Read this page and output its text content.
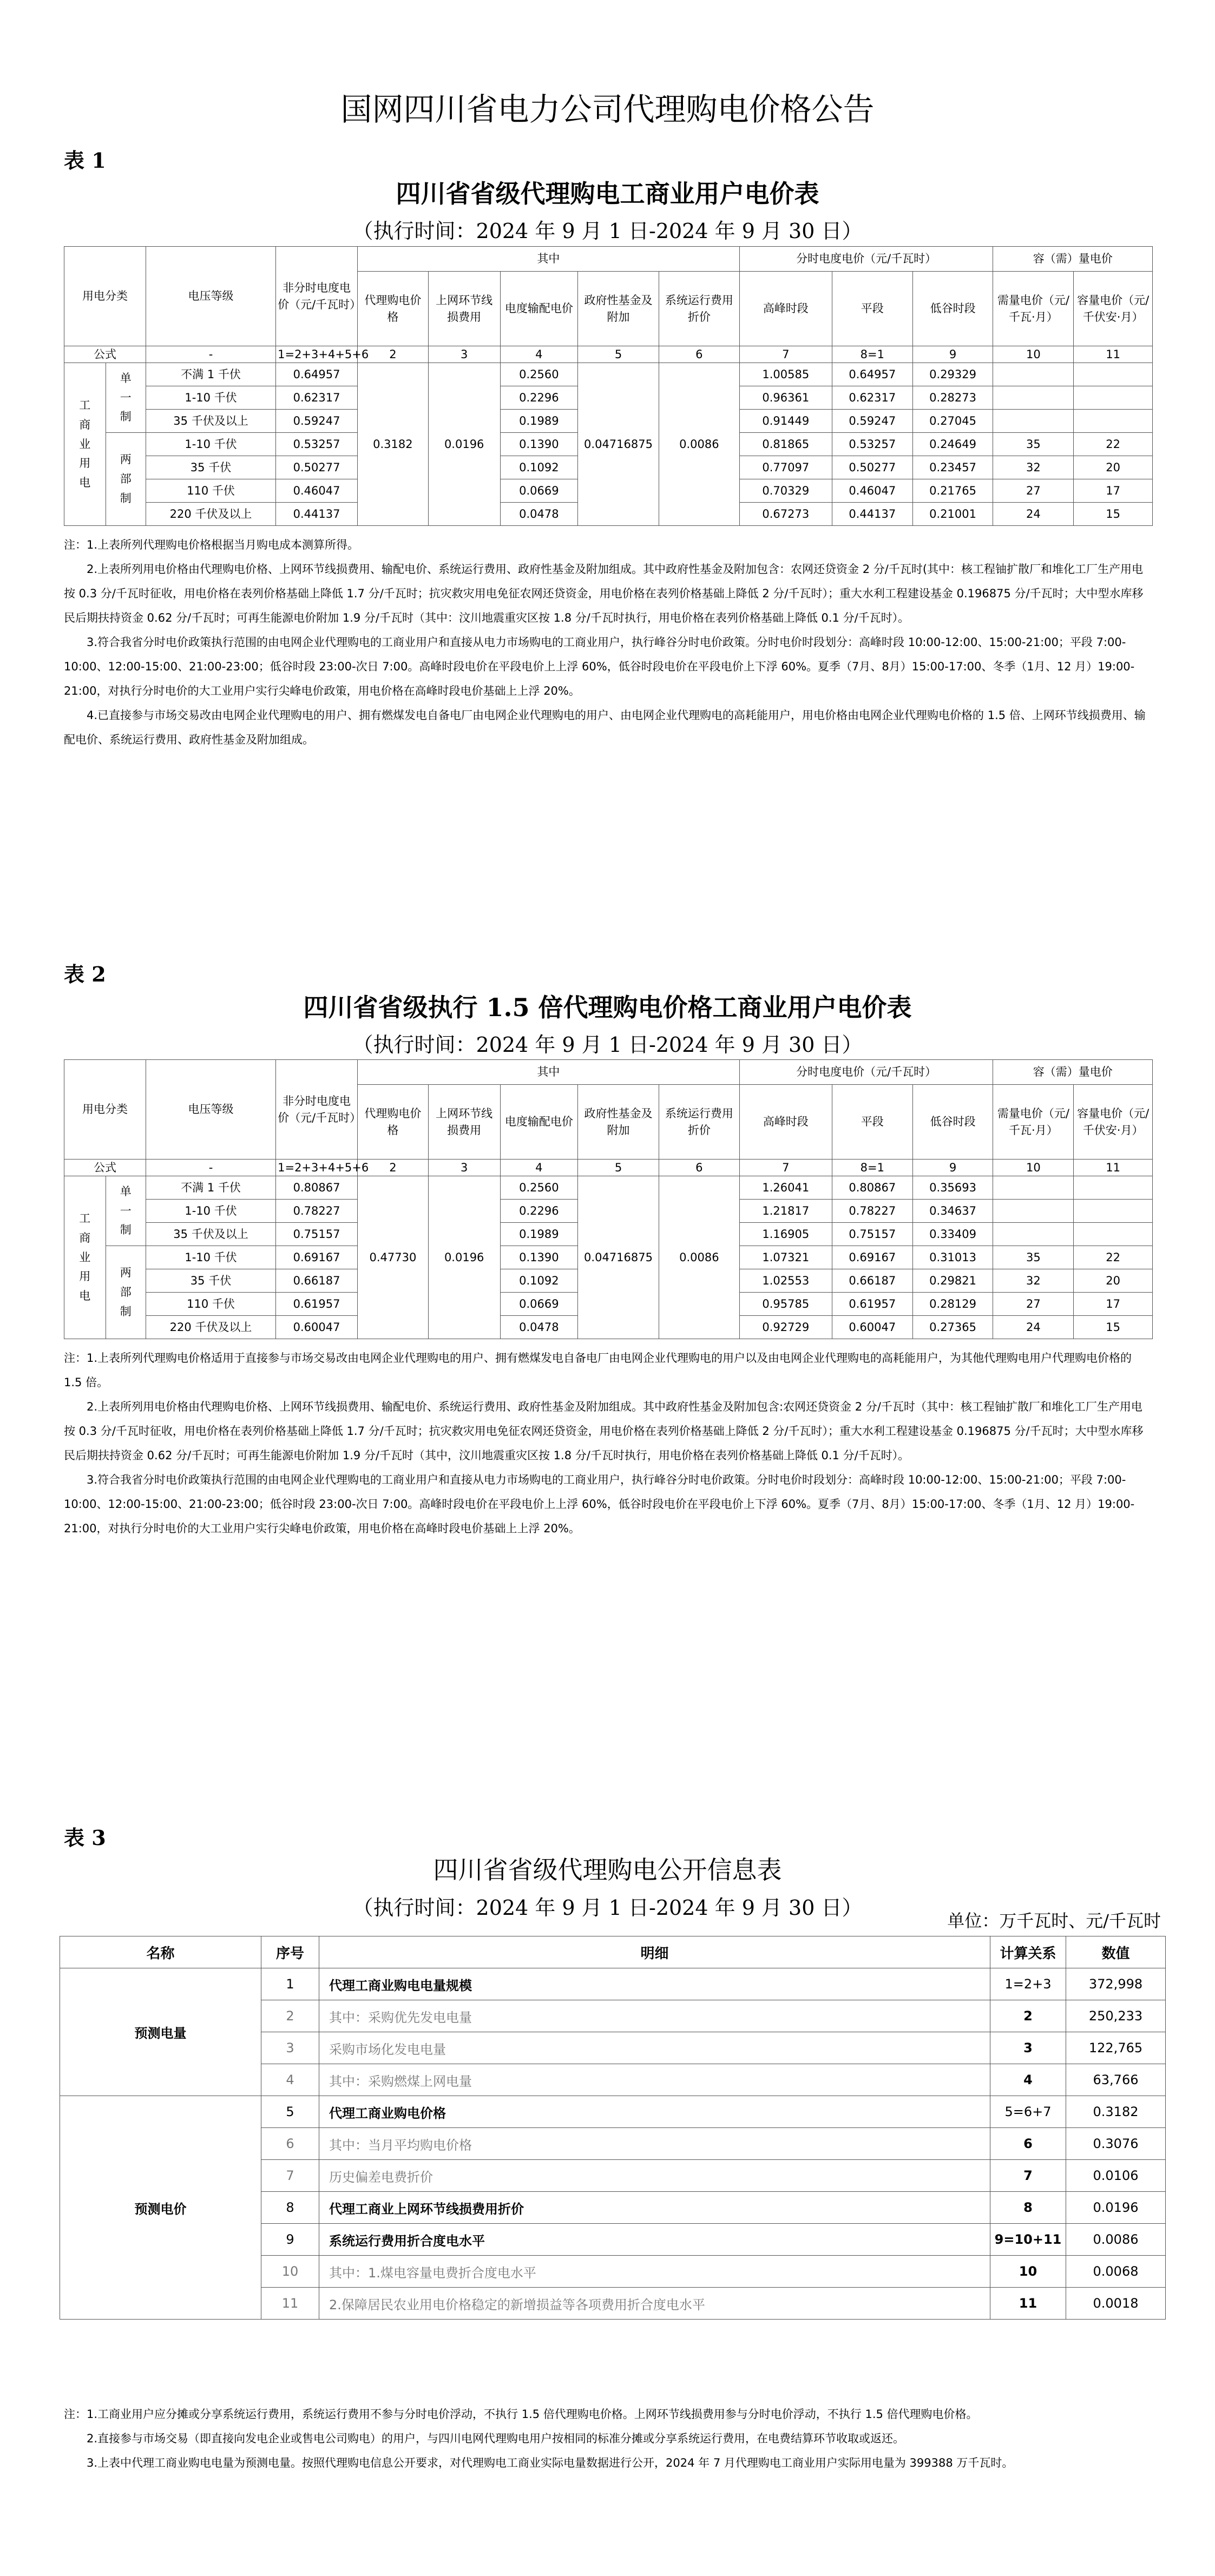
国网四川省电力公司代理购电价格公告
表 1
四川省省级代理购电工商业用户电价表
（执行时间：2024 年 9 月 1 日-2024 年 9 月 30 日）
用电分类		电压等级	非分时电度电价（元/千瓦时）	其中					分时电度电价（元/千瓦时）			容（需）量电价	
				代理购电价格	上网环节线损费用	电度输配电价	政府性基金及附加	系统运行费用折价	高峰时段	平段	低谷时段	需量电价（元/千瓦·月）	容量电价（元/千伏安·月）
公式		-	1=2+3+4+5+6	2	3	4	5	6	7	8=1	9	10	11
工
商
业
用
电	单
一
制	不满 1 千伏	0.64957	0.3182	0.0196	0.2560	0.04716875	0.0086	1.00585	0.64957	0.29329		
		1-10 千伏	0.62317			0.2296			0.96361	0.62317	0.28273		
		35 千伏及以上	0.59247			0.1989			0.91449	0.59247	0.27045		
	两
部
制	1-10 千伏	0.53257			0.1390			0.81865	0.53257	0.24649	35	22
		35 千伏	0.50277			0.1092			0.77097	0.50277	0.23457	32	20
		110 千伏	0.46047			0.0669			0.70329	0.46047	0.21765	27	17
		220 千伏及以上	0.44137			0.0478			0.67273	0.44137	0.21001	24	15

注：1.上表所列代理购电价格根据当月购电成本测算所得。

2.上表所列用电价格由代理购电价格、上网环节线损费用、输配电价、系统运行费用、政府性基金及附加组成。其中政府性基金及附加包含：农网还贷资金 2 分/千瓦时(其中：核工程铀扩散厂和堆化工厂生产用电按 0.3 分/千瓦时征收，用电价格在表列价格基础上降低 1.7 分/千瓦时；抗灾救灾用电免征农网还贷资金，用电价格在表列价格基础上降低 2 分/千瓦时）；重大水利工程建设基金 0.196875 分/千瓦时；大中型水库移民后期扶持资金 0.62 分/千瓦时；可再生能源电价附加 1.9 分/千瓦时（其中：汶川地震重灾区按 1.8 分/千瓦时执行，用电价格在表列价格基础上降低 0.1 分/千瓦时）。

3.符合我省分时电价政策执行范围的由电网企业代理购电的工商业用户和直接从电力市场购电的工商业用户，执行峰谷分时电价政策。分时电价时段划分：高峰时段 10:00-12:00、15:00-21:00；平段 7:00-10:00、12:00-15:00、21:00-23:00；低谷时段 23:00-次日 7:00。高峰时段电价在平段电价上上浮 60%，低谷时段电价在平段电价上下浮 60%。夏季（7月、8月）15:00-17:00、冬季（1月、12 月）19:00-21:00，对执行分时电价的大工业用户实行尖峰电价政策，用电价格在高峰时段电价基础上上浮 20%。

4.已直接参与市场交易改由电网企业代理购电的用户、拥有燃煤发电自备电厂由电网企业代理购电的用户、由电网企业代理购电的高耗能用户，用电价格由电网企业代理购电价格的 1.5 倍、上网环节线损费用、输配电价、系统运行费用、政府性基金及附加组成。

表 2
四川省省级执行 1.5 倍代理购电价格工商业用户电价表
（执行时间：2024 年 9 月 1 日-2024 年 9 月 30 日）
用电分类		电压等级	非分时电度电价（元/千瓦时）	其中					分时电度电价（元/千瓦时）			容（需）量电价	
				代理购电价格	上网环节线损费用	电度输配电价	政府性基金及附加	系统运行费用折价	高峰时段	平段	低谷时段	需量电价（元/千瓦·月）	容量电价（元/千伏安·月）
公式		-	1=2+3+4+5+6	2	3	4	5	6	7	8=1	9	10	11
工
商
业
用
电	单
一
制	不满 1 千伏	0.80867	0.47730	0.0196	0.2560	0.04716875	0.0086	1.26041	0.80867	0.35693		
		1-10 千伏	0.78227			0.2296			1.21817	0.78227	0.34637		
		35 千伏及以上	0.75157			0.1989			1.16905	0.75157	0.33409		
	两
部
制	1-10 千伏	0.69167			0.1390			1.07321	0.69167	0.31013	35	22
		35 千伏	0.66187			0.1092			1.02553	0.66187	0.29821	32	20
		110 千伏	0.61957			0.0669			0.95785	0.61957	0.28129	27	17
		220 千伏及以上	0.60047			0.0478			0.92729	0.60047	0.27365	24	15

注：1.上表所列代理购电价格适用于直接参与市场交易改由电网企业代理购电的用户、拥有燃煤发电自备电厂由电网企业代理购电的用户以及由电网企业代理购电的高耗能用户，为其他代理购电用户代理购电价格的 1.5 倍。

2.上表所列用电价格由代理购电价格、上网环节线损费用、输配电价、系统运行费用、政府性基金及附加组成。其中政府性基金及附加包含:农网还贷资金 2 分/千瓦时（其中：核工程铀扩散厂和堆化工厂生产用电按 0.3 分/千瓦时征收，用电价格在表列价格基础上降低 1.7 分/千瓦时；抗灾救灾用电免征农网还贷资金，用电价格在表列价格基础上降低 2 分/千瓦时）；重大水利工程建设基金 0.196875 分/千瓦时；大中型水库移民后期扶持资金 0.62 分/千瓦时；可再生能源电价附加 1.9 分/千瓦时（其中，汶川地震重灾区按 1.8 分/千瓦时执行，用电价格在表列价格基础上降低 0.1 分/千瓦时）。

3.符合我省分时电价政策执行范围的由电网企业代理购电的工商业用户和直接从电力市场购电的工商业用户，执行峰谷分时电价政策。分时电价时段划分：高峰时段 10:00-12:00、15:00-21:00；平段 7:00-10:00、12:00-15:00、21:00-23:00；低谷时段 23:00-次日 7:00。高峰时段电价在平段电价上上浮 60%，低谷时段电价在平段电价上下浮 60%。夏季（7月、8月）15:00-17:00、冬季（1月、12 月）19:00-21:00，对执行分时电价的大工业用户实行尖峰电价政策，用电价格在高峰时段电价基础上上浮 20%。

表 3
四川省省级代理购电公开信息表
（执行时间：2024 年 9 月 1 日-2024 年 9 月 30 日）
单位：万千瓦时、元/千瓦时
名称	序号	明细	计算关系	数值
预测电量	1	代理工商业购电电量规模	1=2+3	372,998
	2	其中：采购优先发电电量	2	250,233
	3	采购市场化发电电量	3	122,765
	4	其中：采购燃煤上网电量	4	63,766
预测电价	5	代理工商业购电价格	5=6+7	0.3182
	6	其中：当月平均购电价格	6	0.3076
	7	历史偏差电费折价	7	0.0106
	8	代理工商业上网环节线损费用折价	8	0.0196
	9	系统运行费用折合度电水平	9=10+11	0.0086
	10	其中：1.煤电容量电费折合度电水平	10	0.0068
	11	2.保障居民农业用电价格稳定的新增损益等各项费用折合度电水平	11	0.0018

注：1.工商业用户应分摊或分享系统运行费用，系统运行费用不参与分时电价浮动，不执行 1.5 倍代理购电价格。上网环节线损费用参与分时电价浮动，不执行 1.5 倍代理购电价格。

2.直接参与市场交易（即直接向发电企业或售电公司购电）的用户，与四川电网代理购电用户按相同的标准分摊或分享系统运行费用，在电费结算环节收取或返还。

3.上表中代理工商业购电电量为预测电量。按照代理购电信息公开要求，对代理购电工商业实际电量数据进行公开，2024 年 7 月代理购电工商业用户实际用电量为 399388 万千瓦时。
